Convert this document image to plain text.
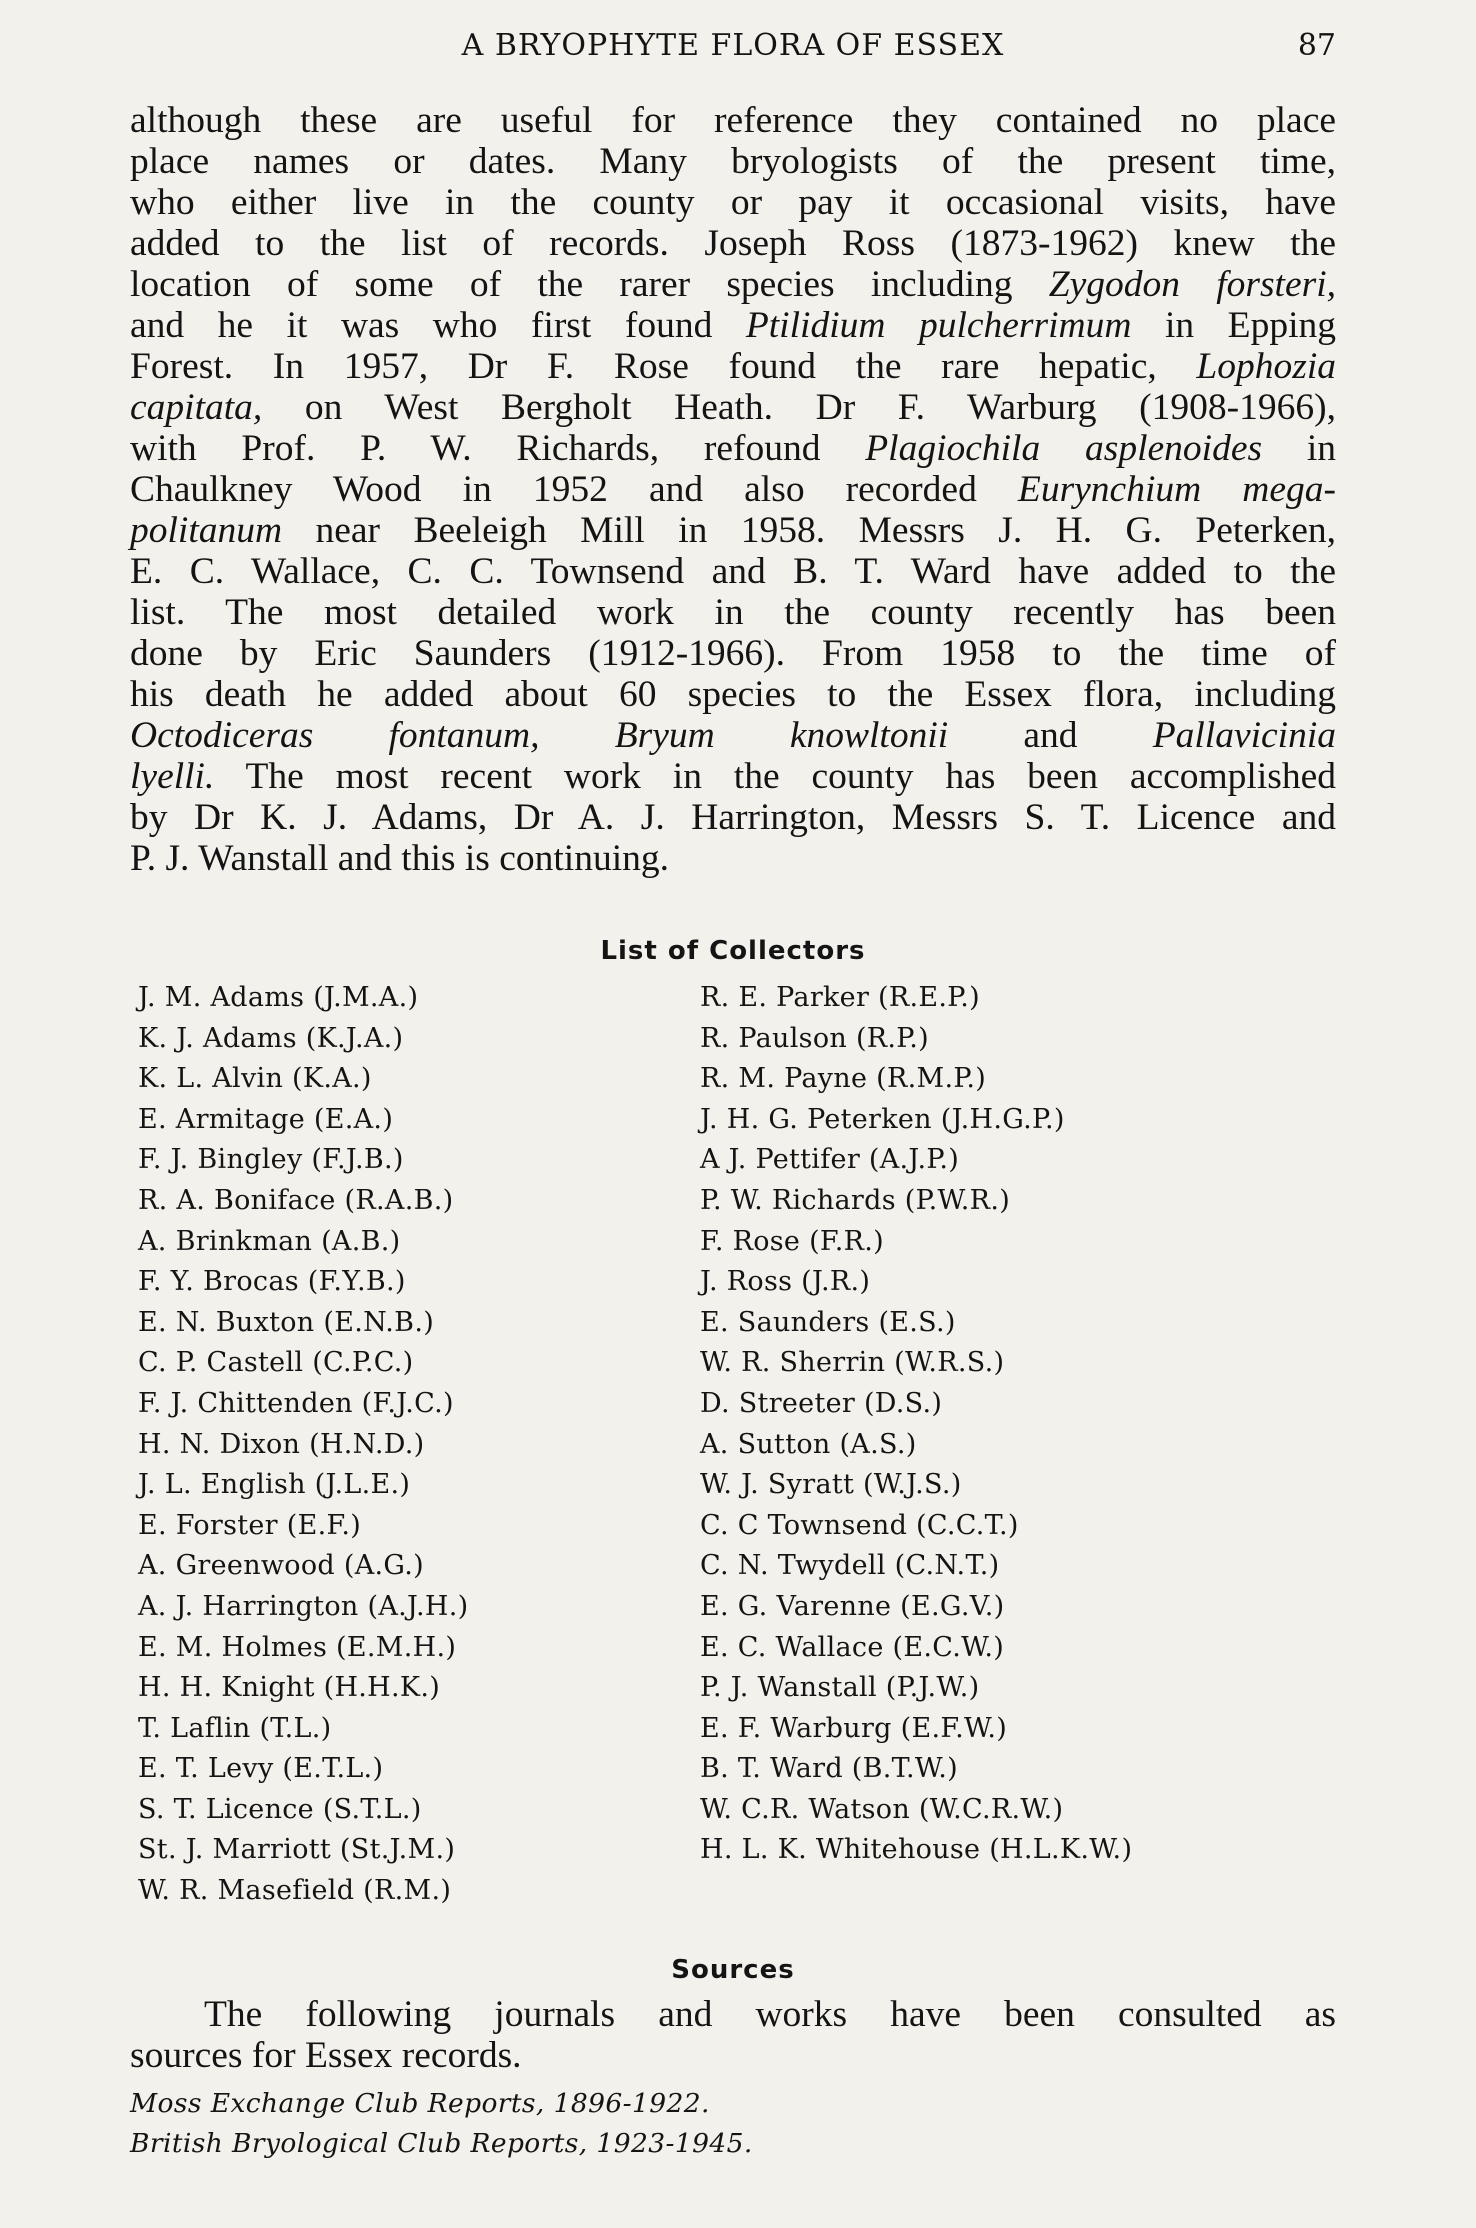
A BRYOPHYTE FLORA OF ESSEX	87
although these are useful for reference they contained no place
place names or dates. Many bryologists of the present time,
who either live in the county or pay it occasional visits, have
added to the list of records. Joseph Ross (1873-1962) knew the
location of some of the rarer species including Zygodon forsteri,
and he it was who first found Ptilidium pulcherrimum in Epping
Forest. In 1957, Dr F. Rose found the rare hepatic, Lophozia
capitata, on West Bergholt Heath. Dr F. Warburg (1908-1966),
with Prof. P. W. Richards, refound Plagiochila asplenoides in
Chaulkney Wood in 1952 and also recorded Eurynchium mega-
politanum near Beeleigh Mill in 1958. Messrs J. H. G. Peterken,
E. C. Wallace, C. C. Townsend and B. T. Ward have added to the
list. The most detailed work in the county recently has been
done by Eric Saunders (1912-1966). From 1958 to the time of
his death he added about 60 species to the Essex flora, including
Octodiceras fontanum, Bryum knowltonii and Pallavicinia
lyelli. The most recent work in the county has been accomplished
by Dr K. J. Adams, Dr A. J. Harrington, Messrs S. T. Licence and
P. J. Wanstall and this is continuing.
List of Collectors
J. M. Adams (J.M.A.)
K. J. Adams (K.J.A.)
K. L. Alvin (K.A.)
E. Armitage (E.A.)
F. J. Bingley (F.J.B.)
R. A. Boniface (R.A.B.)
A. Brinkman (A.B.)
F. Y. Brocas (F.Y.B.)
E. N. Buxton (E.N.B.)
C. P. Castell (C.P.C.)
F. J. Chittenden (F.J.C.)
H. N. Dixon (H.N.D.)
J. L. English (J.L.E.)
E. Forster (E.F.)
A. Greenwood (A.G.)
A. J. Harrington (A.J.H.)
E. M. Holmes (E.M.H.)
H. H. Knight (H.H.K.)
T. Laflin (T.L.)
E. T. Levy (E.T.L.)
S. T. Licence (S.T.L.)
St. J. Marriott (St.J.M.)
W. R. Masefield (R.M.)
R. E. Parker (R.E.P.)
R. Paulson (R.P.)
R. M. Payne (R.M.P.)
J. H. G. Peterken (J.H.G.P.)
A J. Pettifer (A.J.P.)
P. W. Richards (P.W.R.)
F. Rose (F.R.)
J. Ross (J.R.)
E. Saunders (E.S.)
W. R. Sherrin (W.R.S.)
D. Streeter (D.S.)
A. Sutton (A.S.)
W. J. Syratt (W.J.S.)
C. C Townsend (C.C.T.)
C. N. Twydell (C.N.T.)
E. G. Varenne (E.G.V.)
E. C. Wallace (E.C.W.)
P. J. Wanstall (P.J.W.)
E. F. Warburg (E.F.W.)
B. T. Ward (B.T.W.)
W. C.R. Watson (W.C.R.W.)
H. L. K. Whitehouse (H.L.K.W.)
Sources
The following journals and works have been consulted as
sources for Essex records.
Moss Exchange Club Reports, 1896-1922.
British Bryological Club Reports, 1923-1945.
